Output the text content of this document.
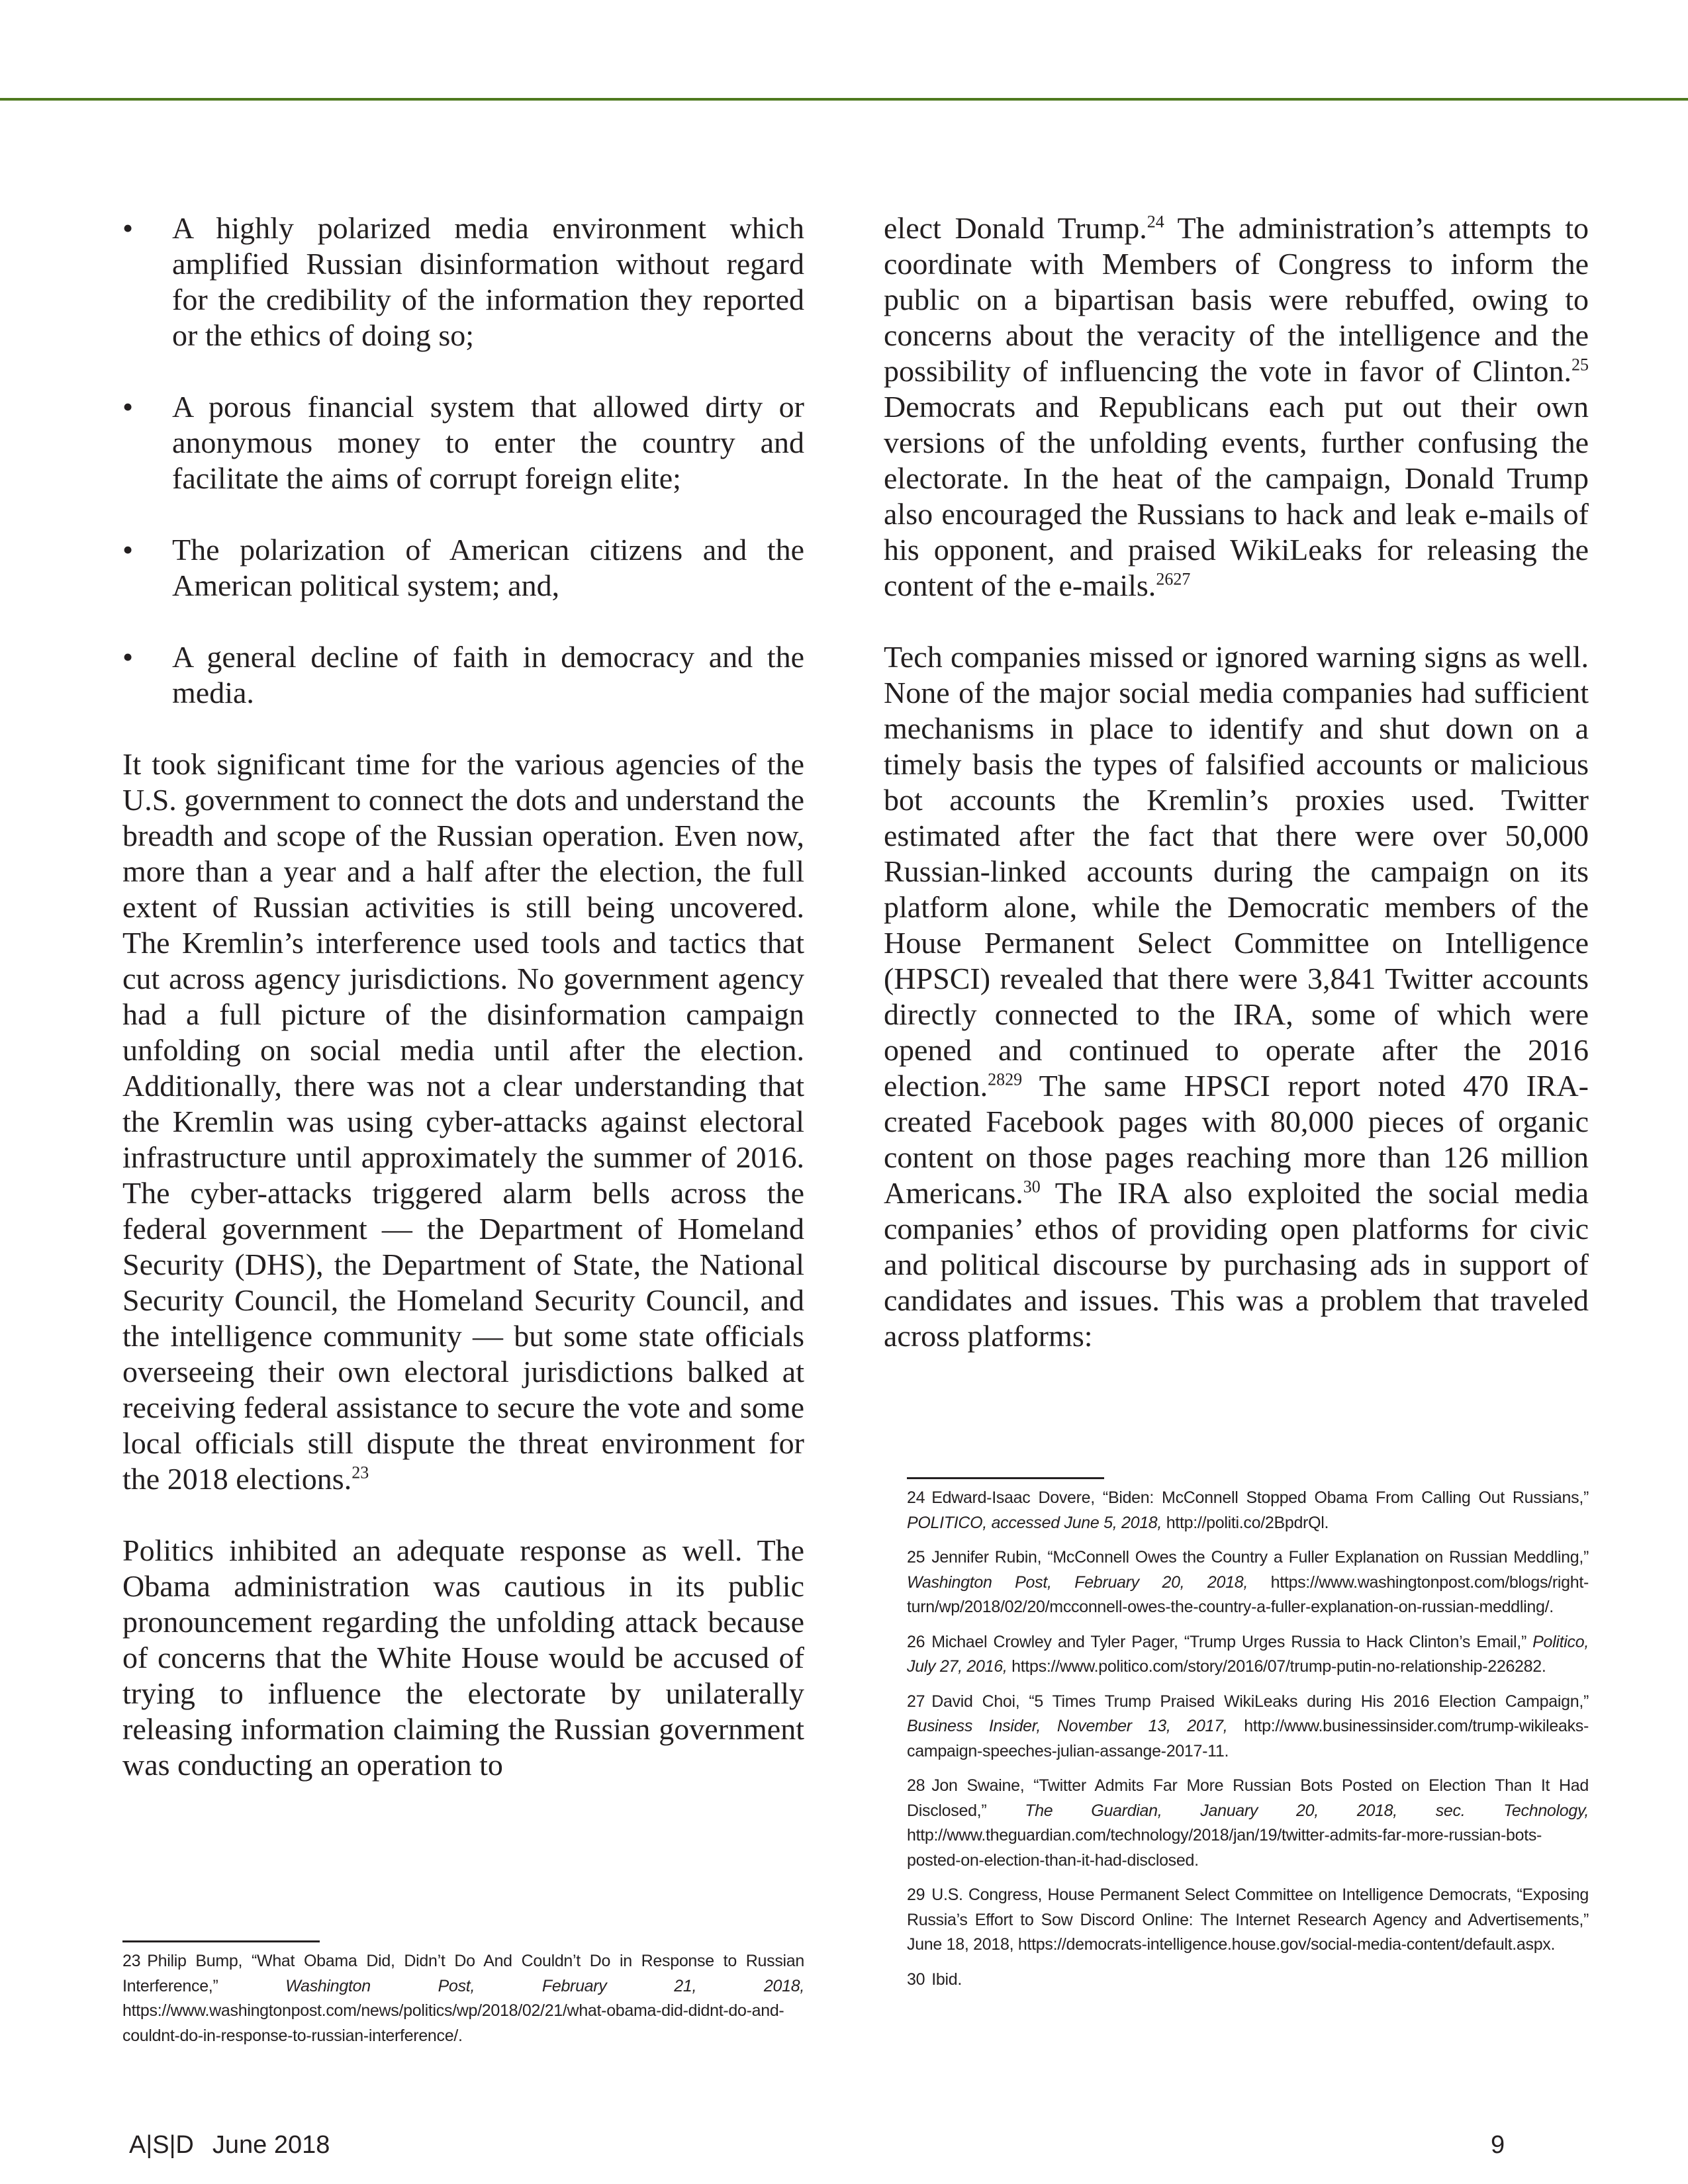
• A highly polarized media environment which amplified Russian disinformation without regard for the credibility of the information they reported or the ethics of doing so;
• A porous financial system that allowed dirty or anonymous money to enter the country and facilitate the aims of corrupt foreign elite;
• The polarization of American citizens and the American political system; and,
• A general decline of faith in democracy and the media.

It took significant time for the various agencies of the U.S. government to connect the dots and understand the breadth and scope of the Russian operation. Even now, more than a year and a half after the election, the full extent of Russian activities is still being uncovered. The Kremlin’s interference used tools and tactics that cut across agency jurisdictions. No government agency had a full picture of the disinformation campaign unfolding on social media until after the election. Additionally, there was not a clear understanding that the Kremlin was using cyber-attacks against electoral infrastructure until approximately the summer of 2016. The cyber-attacks triggered alarm bells across the federal government — the Department of Homeland Security (DHS), the Department of State, the National Security Council, the Homeland Security Council, and the intelligence community — but some state officials overseeing their own electoral jurisdictions balked at receiving federal assistance to secure the vote and some local officials still dispute the threat environment for the 2018 elections.$^{23}$

Politics inhibited an adequate response as well. The Obama administration was cautious in its public pronouncement regarding the unfolding attack because of concerns that the White House would be accused of trying to influence the electorate by unilaterally releasing information claiming the Russian government was conducting an operation to

elect Donald Trump.$^{24}$ The administration’s attempts to coordinate with Members of Congress to inform the public on a bipartisan basis were rebuffed, owing to concerns about the veracity of the intelligence and the possibility of influencing the vote in favor of Clinton.$^{25}$ Democrats and Republicans each put out their own versions of the unfolding events, further confusing the electorate. In the heat of the campaign, Donald Trump also encouraged the Russians to hack and leak e-mails of his opponent, and praised WikiLeaks for releasing the content of the e-mails.$^{2627}$

Tech companies missed or ignored warning signs as well. None of the major social media companies had sufficient mechanisms in place to identify and shut down on a timely basis the types of falsified accounts or malicious bot accounts the Kremlin’s proxies used. Twitter estimated after the fact that there were over 50,000 Russian-linked accounts during the campaign on its platform alone, while the Democratic members of the House Permanent Select Committee on Intelligence (HPSCI) revealed that there were 3,841 Twitter accounts directly connected to the IRA, some of which were opened and continued to operate after the 2016 election.$^{2829}$ The same HPSCI report noted 470 IRA-created Facebook pages with 80,000 pieces of organic content on those pages reaching more than 126 million Americans.$^{30}$ The IRA also exploited the social media companies’ ethos of providing open platforms for civic and political discourse by purchasing ads in support of candidates and issues. This was a problem that traveled across platforms:

23 Philip Bump, “What Obama Did, Didn’t Do And Couldn’t Do in Response to Russian Interference,” Washington Post, February 21, 2018, https://www.washingtonpost.com/news/politics/wp/2018/02/21/what-obama-did-didnt-do-and-couldnt-do-in-response-to-russian-interference/.

24 Edward-Isaac Dovere, “Biden: McConnell Stopped Obama From Calling Out Russians,” POLITICO, accessed June 5, 2018, http://politi.co/2BpdrQl.

25 Jennifer Rubin, “McConnell Owes the Country a Fuller Explanation on Russian Meddling,” Washington Post, February 20, 2018, https://www.washingtonpost.com/blogs/right-turn/wp/2018/02/20/mcconnell-owes-the-country-a-fuller-explanation-on-russian-meddling/.

26 Michael Crowley and Tyler Pager, “Trump Urges Russia to Hack Clinton’s Email,” Politico, July 27, 2016, https://www.politico.com/story/2016/07/trump-putin-no-relationship-226282.

27 David Choi, “5 Times Trump Praised WikiLeaks during His 2016 Election Campaign,” Business Insider, November 13, 2017, http://www.businessinsider.com/trump-wikileaks-campaign-speeches-julian-assange-2017-11.

28 Jon Swaine, “Twitter Admits Far More Russian Bots Posted on Election Than It Had Disclosed,” The Guardian, January 20, 2018, sec. Technology, http://www.theguardian.com/technology/2018/jan/19/twitter-admits-far-more-russian-bots-posted-on-election-than-it-had-disclosed.

29 U.S. Congress, House Permanent Select Committee on Intelligence Democrats, “Exposing Russia’s Effort to Sow Discord Online: The Internet Research Agency and Advertisements,” June 18, 2018, https://democrats-intelligence.house.gov/social-media-content/default.aspx.

30 Ibid.

A|S|D June 2018	9
